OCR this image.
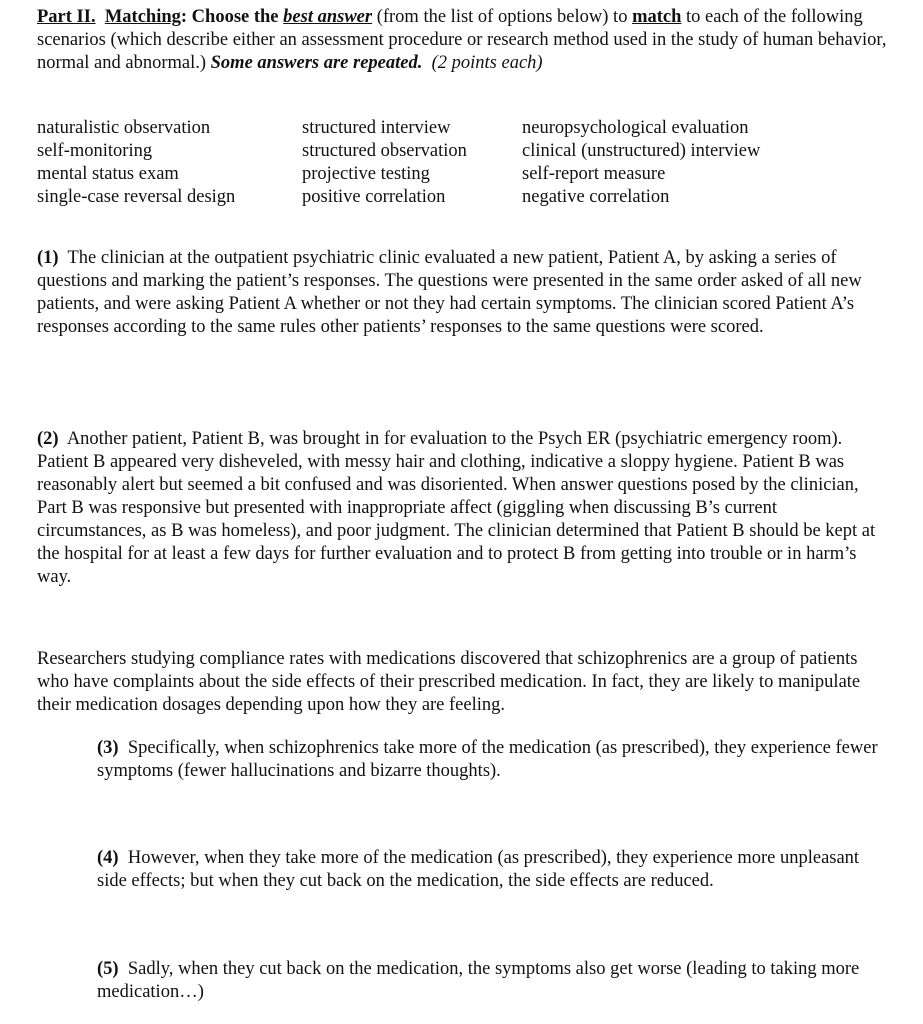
Part II. Matching: Choose the best answer (from the list of options below) to match to each of the following scenarios (which describe either an assessment procedure or research method used in the study of human behavior, normal and abnormal.) Some answers are repeated. (2 points each)
naturalistic observation
self-monitoring
mental status exam
single-case reversal design
structured interview
structured observation
projective testing
positive correlation
neuropsychological evaluation
clinical (unstructured) interview
self-report measure
negative correlation
(1) The clinician at the outpatient psychiatric clinic evaluated a new patient, Patient A, by asking a series of questions and marking the patient’s responses. The questions were presented in the same order asked of all new patients, and were asking Patient A whether or not they had certain symptoms. The clinician scored Patient A’s responses according to the same rules other patients’ responses to the same questions were scored.
(2) Another patient, Patient B, was brought in for evaluation to the Psych ER (psychiatric emergency room). Patient B appeared very disheveled, with messy hair and clothing, indicative a sloppy hygiene. Patient B was reasonably alert but seemed a bit confused and was disoriented. When answer questions posed by the clinician, Part B was responsive but presented with inappropriate affect (giggling when discussing B’s current circumstances, as B was homeless), and poor judgment. The clinician determined that Patient B should be kept at the hospital for at least a few days for further evaluation and to protect B from getting into trouble or in harm’s way.
Researchers studying compliance rates with medications discovered that schizophrenics are a group of patients who have complaints about the side effects of their prescribed medication. In fact, they are likely to manipulate their medication dosages depending upon how they are feeling.
(3) Specifically, when schizophrenics take more of the medication (as prescribed), they experience fewer symptoms (fewer hallucinations and bizarre thoughts).
(4) However, when they take more of the medication (as prescribed), they experience more unpleasant side effects; but when they cut back on the medication, the side effects are reduced.
(5) Sadly, when they cut back on the medication, the symptoms also get worse (leading to taking more medication…)
